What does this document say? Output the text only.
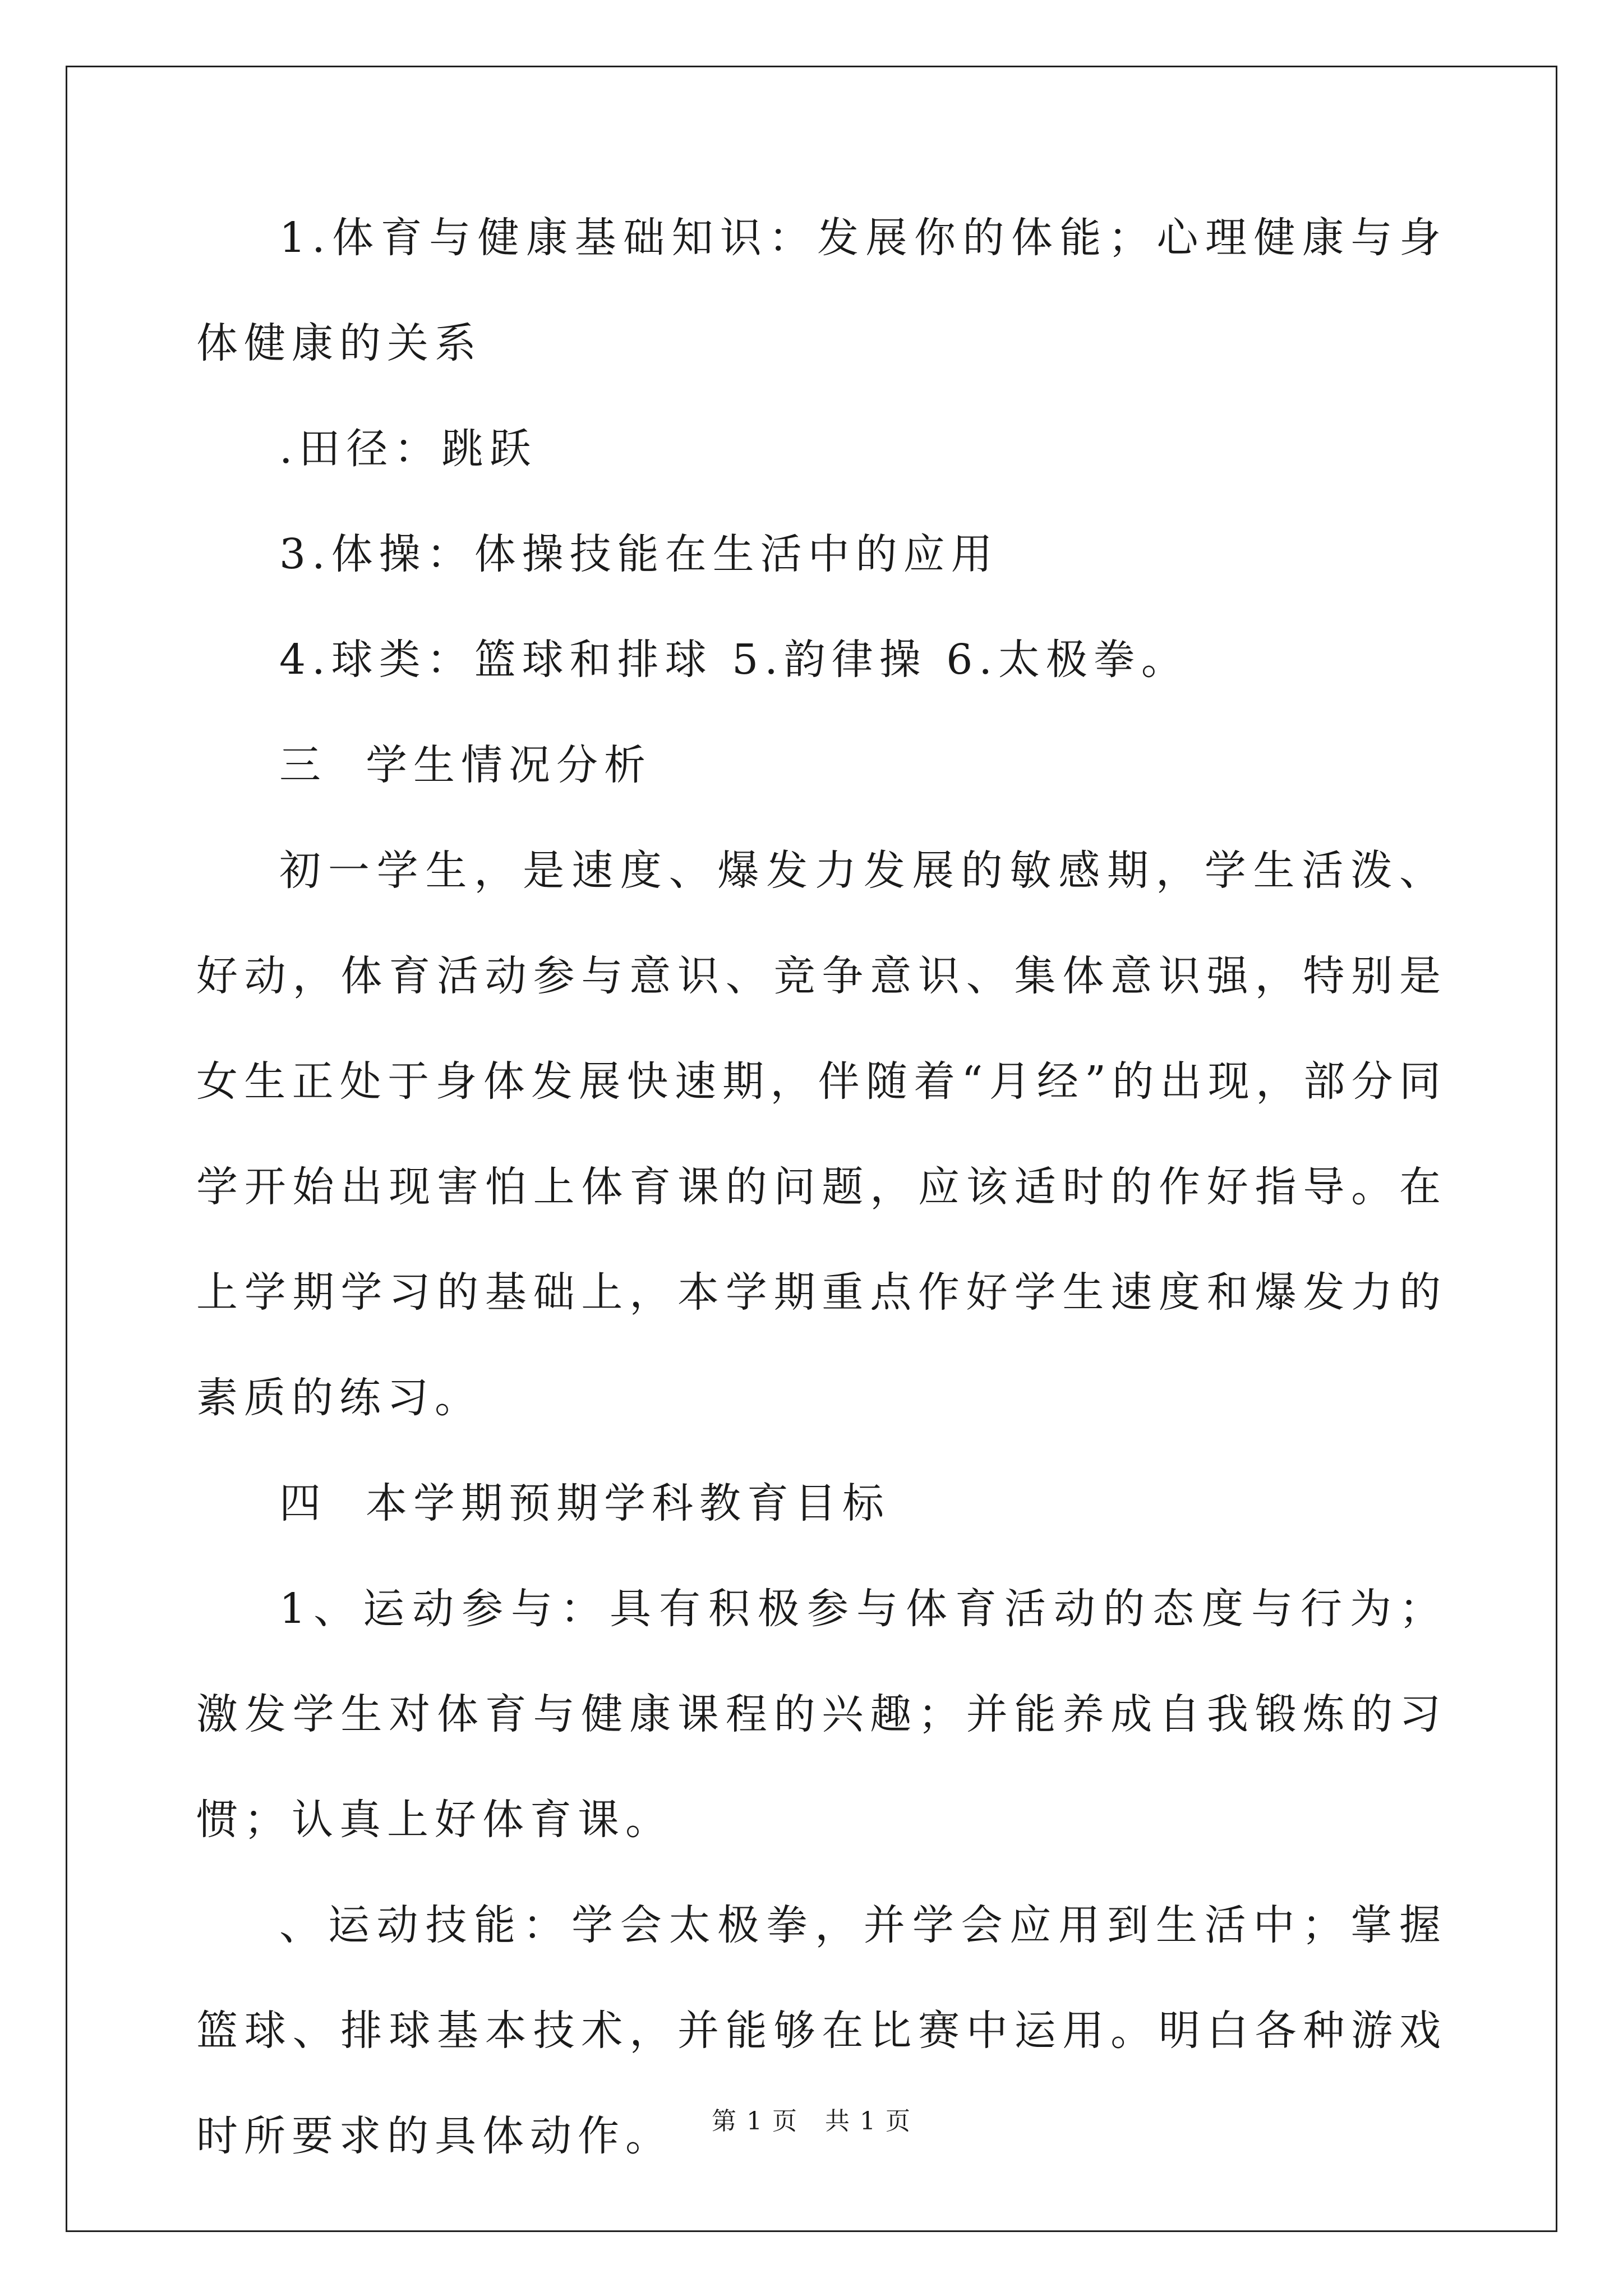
1.体育与健康基础知识：发展你的体能；心理健康与身体健康的关系

.田径：跳跃

3.体操：体操技能在生活中的应用

4.球类：篮球和排球 5.韵律操 6.太极拳。

三  学生情况分析

初一学生，是速度、爆发力发展的敏感期，学生活泼、好动，体育活动参与意识、竞争意识、集体意识强，特别是女生正处于身体发展快速期，伴随着“月经”的出现，部分同学开始出现害怕上体育课的问题，应该适时的作好指导。在上学期学习的基础上，本学期重点作好学生速度和爆发力的素质的练习。

四  本学期预期学科教育目标

1、运动参与：具有积极参与体育活动的态度与行为；激发学生对体育与健康课程的兴趣；并能养成自我锻炼的习惯；认真上好体育课。

、运动技能：学会太极拳，并学会应用到生活中；掌握篮球、排球基本技术，并能够在比赛中运用。明白各种游戏时所要求的具体动作。	第 1 页   共 1 页
